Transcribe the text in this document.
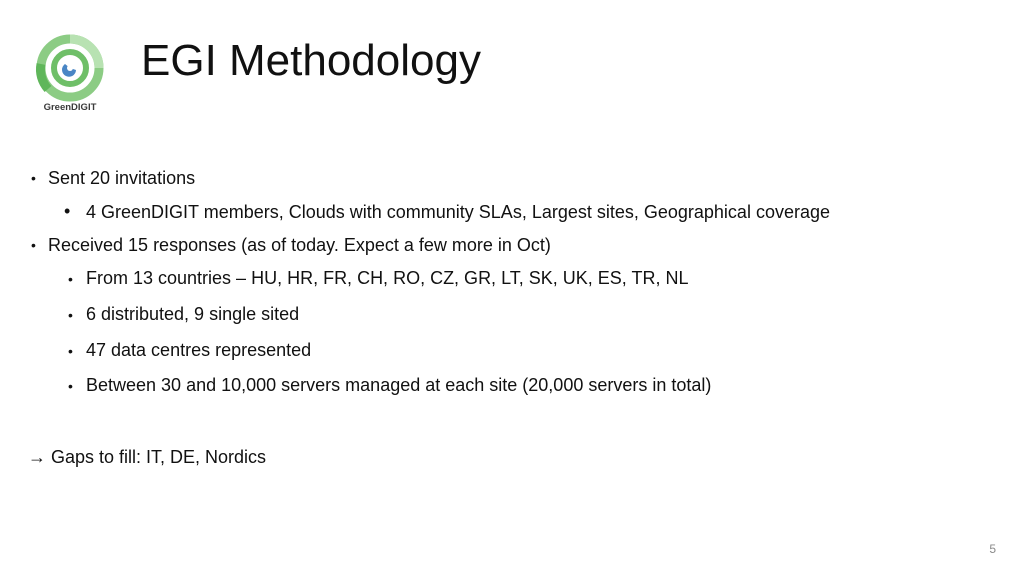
GreenDIGIT
EGI Methodology
• Sent 20 invitations
• 4 GreenDIGIT members, Clouds with community SLAs, Largest sites, Geographical coverage
• Received 15 responses (as of today. Expect a few more in Oct)
• From 13 countries – HU, HR, FR, CH, RO, CZ, GR, LT, SK, UK, ES, TR, NL
• 6 distributed, 9 single sited
• 47 data centres represented
• Between 30 and 10,000 servers managed at each site (20,000 servers in total)
→ Gaps to fill: IT, DE, Nordics
5
